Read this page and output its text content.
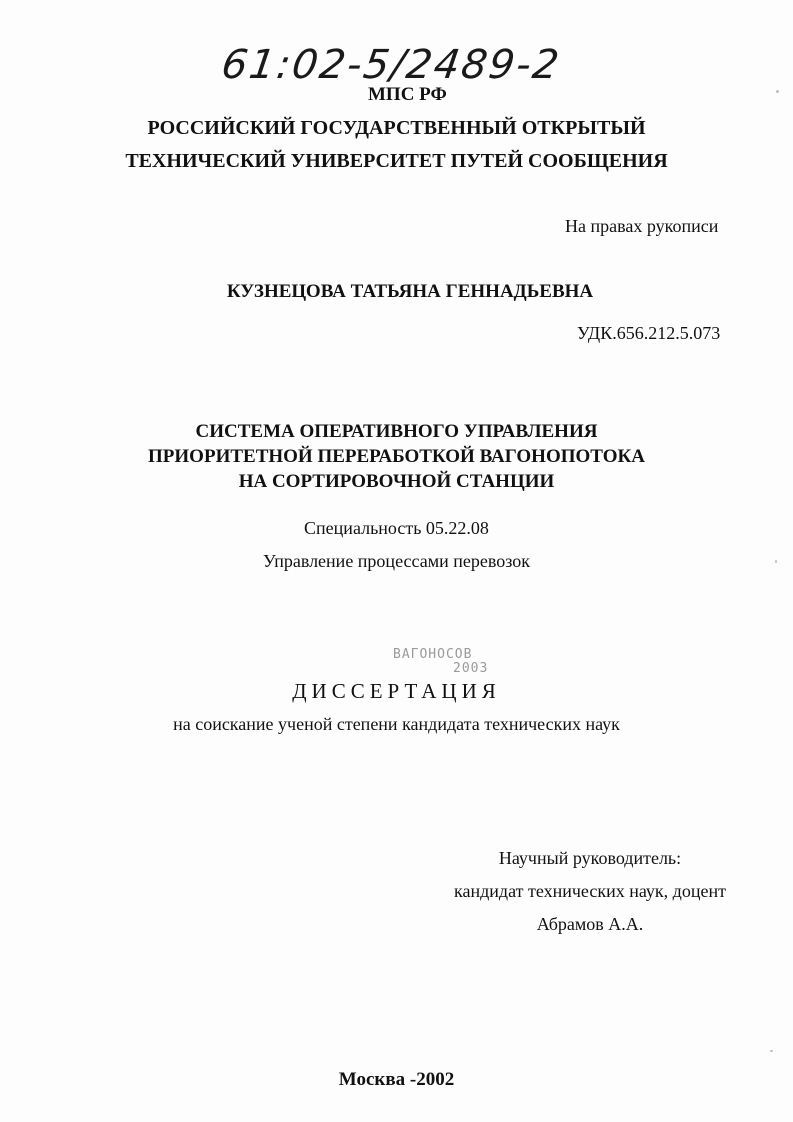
61:02-5/2489-2
МПС РФ
РОССИЙСКИЙ ГОСУДАРСТВЕННЫЙ ОТКРЫТЫЙ
ТЕХНИЧЕСКИЙ УНИВЕРСИТЕТ ПУТЕЙ СООБЩЕНИЯ
На правах рукописи
КУЗНЕЦОВА ТАТЬЯНА ГЕННАДЬЕВНА
УДК.656.212.5.073
СИСТЕМА ОПЕРАТИВНОГО УПРАВЛЕНИЯ
ПРИОРИТЕТНОЙ ПЕРЕРАБОТКОЙ ВАГОНОПОТОКА
НА СОРТИРОВОЧНОЙ СТАНЦИИ
Специальность 05.22.08
Управление процессами перевозок
ВАГОНОСОВ
2003
ДИССЕРТАЦИЯ
на соискание ученой степени кандидата технических наук
Научный руководитель:
кандидат технических наук, доцент
Абрамов А.А.
Москва -2002
